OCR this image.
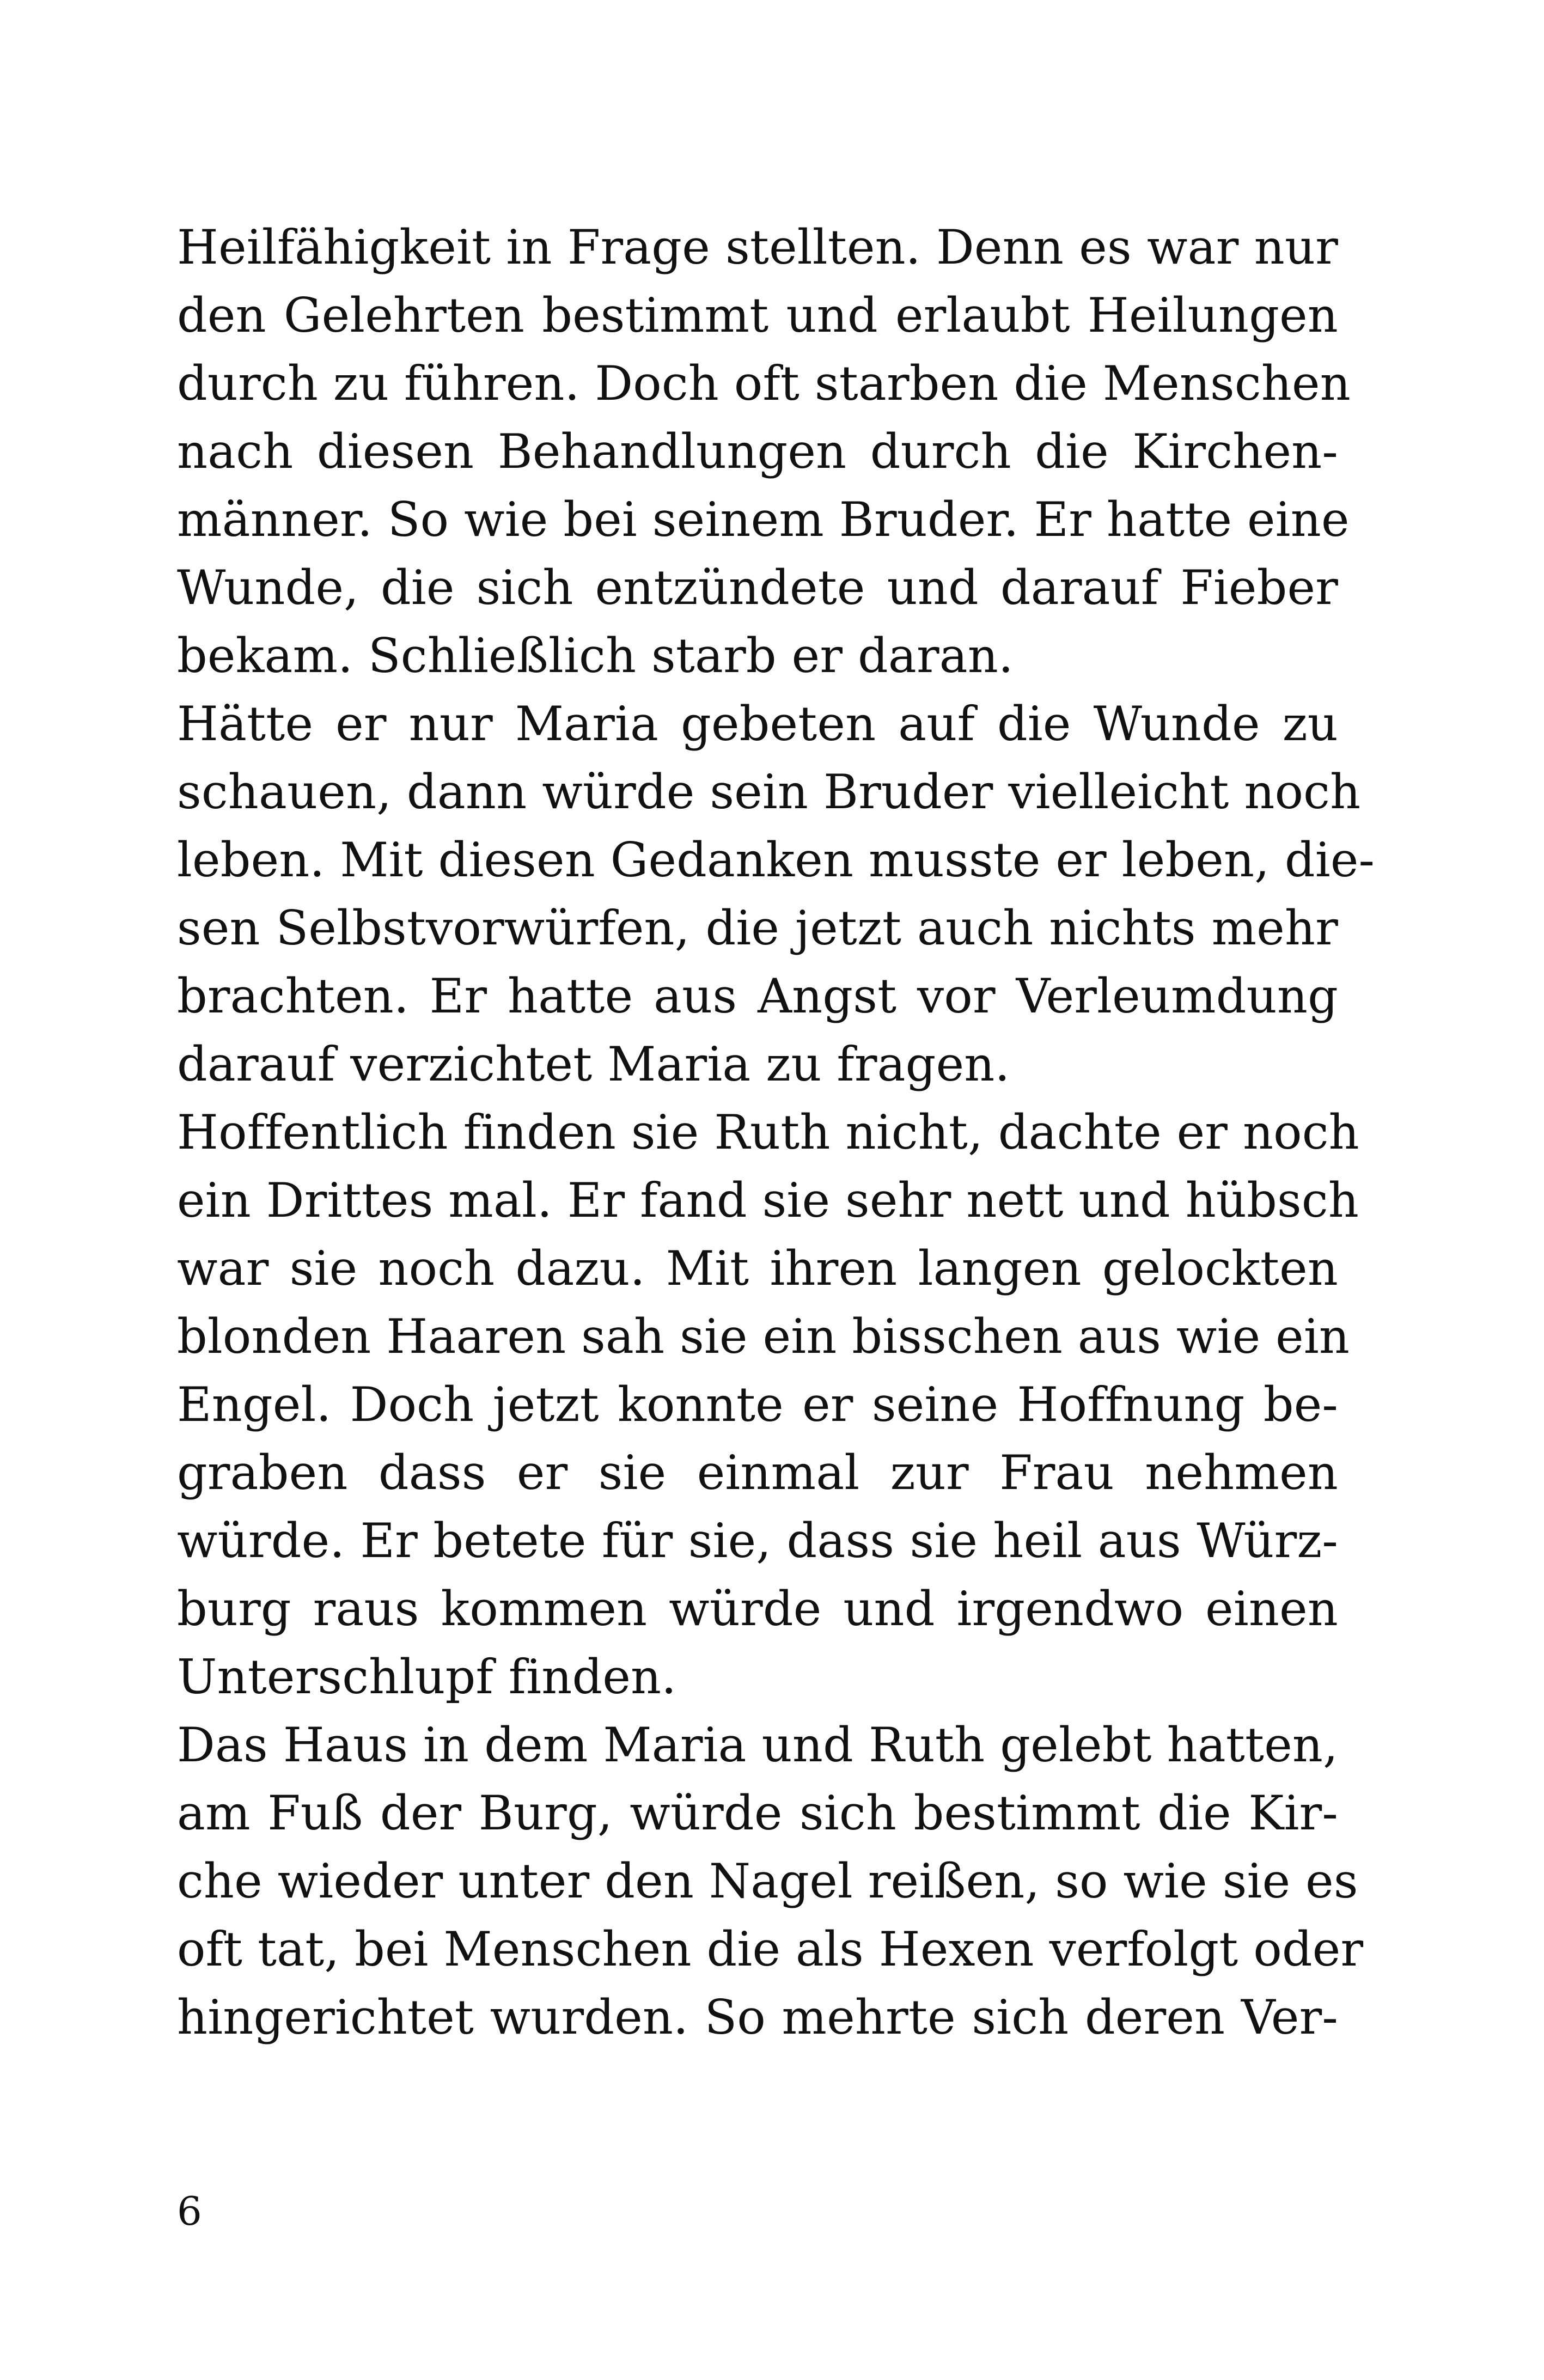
Heilfähigkeit in Frage stellten. Denn es war nur
den Gelehrten bestimmt und erlaubt Heilungen
durch zu führen. Doch oft starben die Menschen
nach diesen Behandlungen durch die Kirchen-
männer. So wie bei seinem Bruder. Er hatte eine
Wunde, die sich entzündete und darauf Fieber
bekam. Schließlich starb er daran.
Hätte er nur Maria gebeten auf die Wunde zu
schauen, dann würde sein Bruder vielleicht noch
leben. Mit diesen Gedanken musste er leben, die-
sen Selbstvorwürfen, die jetzt auch nichts mehr
brachten. Er hatte aus Angst vor Verleumdung
darauf verzichtet Maria zu fragen.
Hoffentlich finden sie Ruth nicht, dachte er noch
ein Drittes mal. Er fand sie sehr nett und hübsch
war sie noch dazu. Mit ihren langen gelockten
blonden Haaren sah sie ein bisschen aus wie ein
Engel. Doch jetzt konnte er seine Hoffnung be-
graben dass er sie einmal zur Frau nehmen
würde. Er betete für sie, dass sie heil aus Würz-
burg raus kommen würde und irgendwo einen
Unterschlupf finden.
Das Haus in dem Maria und Ruth gelebt hatten,
am Fuß der Burg, würde sich bestimmt die Kir-
che wieder unter den Nagel reißen, so wie sie es
oft tat, bei Menschen die als Hexen verfolgt oder
hingerichtet wurden. So mehrte sich deren Ver-
6
